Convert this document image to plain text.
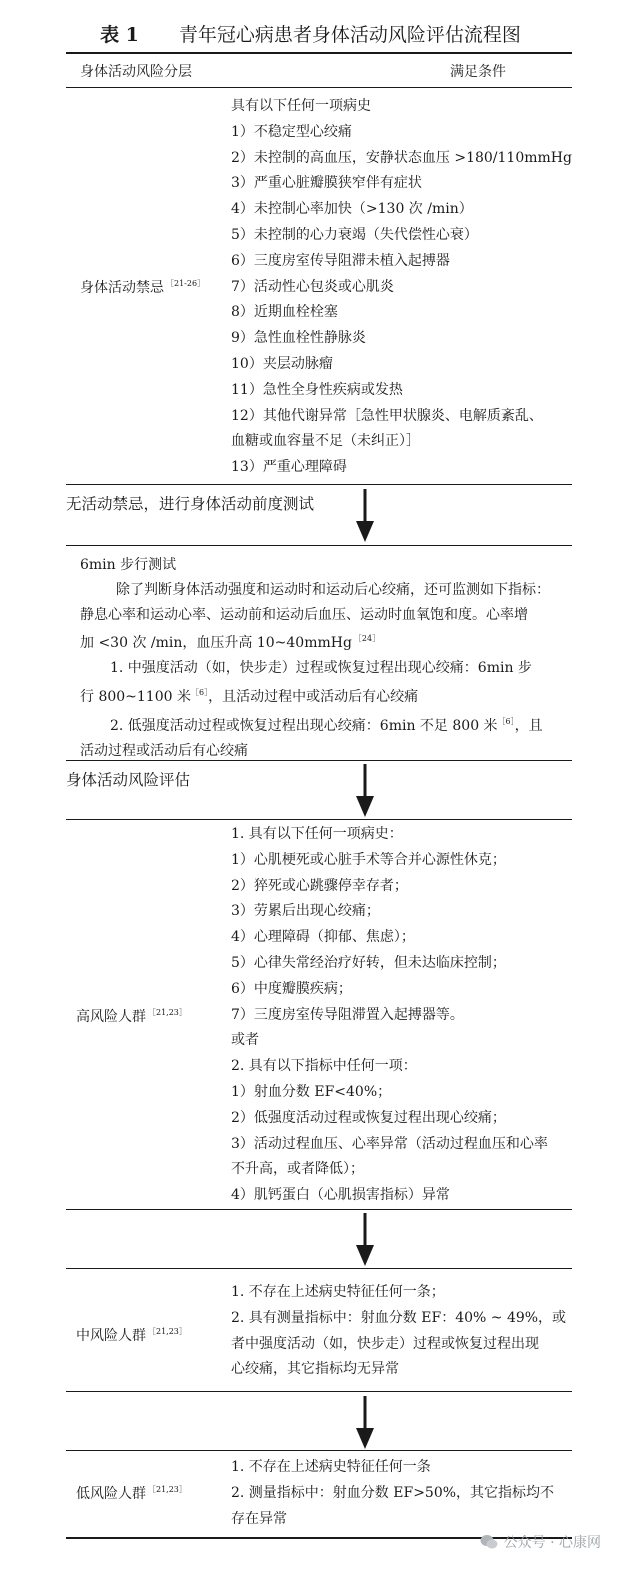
表 1 青年冠心病患者身体活动风险评估流程图
身体活动风险分层	满足条件
身体活动禁忌 $^{[21-26]}$
具有以下任何一项病史
1）不稳定型心绞痛
2）未控制的高血压，安静状态血压 >180/110mmHg
3）严重心脏瓣膜狭窄伴有症状
4）未控制心率加快（>130 次 /min）
5）未控制的心力衰竭（失代偿性心衰）
6）三度房室传导阻滞未植入起搏器
7）活动性心包炎或心肌炎
8）近期血栓栓塞
9）急性血栓性静脉炎
10）夹层动脉瘤
11）急性全身性疾病或发热
12）其他代谢异常［急性甲状腺炎、电解质紊乱、
血糖或血容量不足（未纠正）］
13）严重心理障碍
无活动禁忌，进行身体活动前度测试
6min 步行测试
除了判断身体活动强度和运动时和运动后心绞痛，还可监测如下指标：
静息心率和运动心率、运动前和运动后血压、运动时血氧饱和度。心率增
加 <30 次 /min，血压升高 10~40mmHg $^{[24]}$
1. 中强度活动（如，快步走）过程或恢复过程出现心绞痛：6min 步
行 800~1100 米$^{[6]}$，且活动过程中或活动后有心绞痛
2. 低强度活动过程或恢复过程出现心绞痛：6min 不足 800 米$^{[6]}$，且
活动过程或活动后有心绞痛
身体活动风险评估
高风险人群 $^{[21,23]}$
1. 具有以下任何一项病史：
1）心肌梗死或心脏手术等合并心源性休克；
2）猝死或心跳骤停幸存者；
3）劳累后出现心绞痛；
4）心理障碍（抑郁、焦虑）；
5）心律失常经治疗好转，但未达临床控制；
6）中度瓣膜疾病；
7）三度房室传导阻滞置入起搏器等。
或者
2. 具有以下指标中任何一项：
1）射血分数 EF<40%；
2）低强度活动过程或恢复过程出现心绞痛；
3）活动过程血压、心率异常（活动过程血压和心率
不升高，或者降低）；
4）肌钙蛋白（心肌损害指标）异常
中风险人群 $^{[21,23]}$
1. 不存在上述病史特征任何一条；
2. 具有测量指标中：射血分数 EF：40% ~ 49%，或
者中强度活动（如，快步走）过程或恢复过程出现
心绞痛，其它指标均无异常
低风险人群 $^{[21,23]}$
1. 不存在上述病史特征任何一条
2. 测量指标中：射血分数 EF>50%，其它指标均不
存在异常
公众号 · 心康网
